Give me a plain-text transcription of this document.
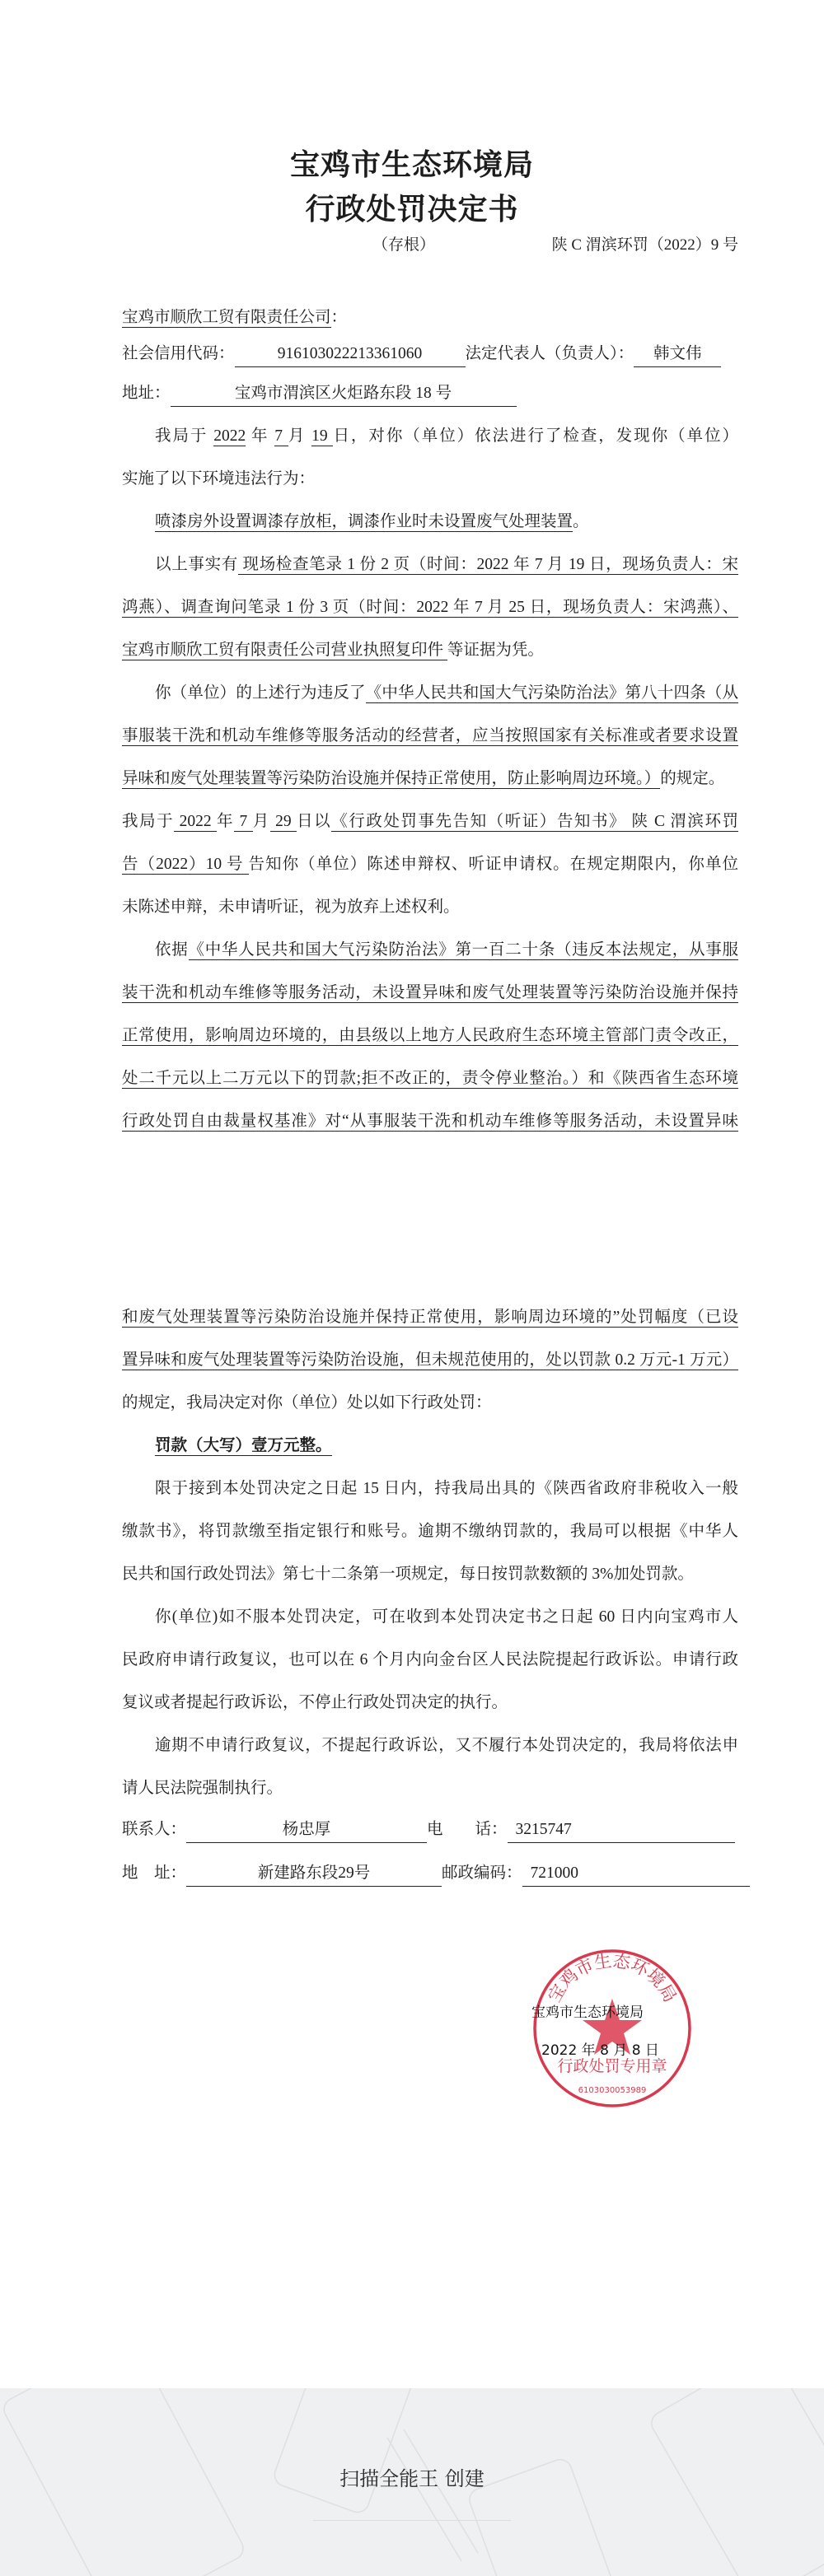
宝鸡市生态环境局
行政处罚决定书
（存根）	陕 C 渭滨环罚（2022）9 号
宝鸡市顺欣工贸有限责任公司：
社会信用代码：	916103022213361060	法定代表人（负责人）： 韩文伟
地址：	宝鸡市渭滨区火炬路东段 18 号
我局于 2022 年 7 月 19 日，对你（单位）依法进行了检查，发现你（单位）
实施了以下环境违法行为：
喷漆房外设置调漆存放柜，调漆作业时未设置废气处理装置。
以上事实有 现场检查笔录 1 份 2 页（时间：2022 年 7 月 19 日，现场负责人：宋
鸿燕）、调查询问笔录 1 份 3 页（时间：2022 年 7 月 25 日，现场负责人：宋鸿燕）、
宝鸡市顺欣工贸有限责任公司营业执照复印件 等证据为凭。
你（单位）的上述行为违反了《中华人民共和国大气污染防治法》第八十四条（从
事服装干洗和机动车维修等服务活动的经营者，应当按照国家有关标准或者要求设置
异味和废气处理装置等污染防治设施并保持正常使用，防止影响周边环境。）的规定。
我局于 2022 年 7 月 29 日以《行政处罚事先告知（听证）告知书》 陕 C 渭滨环罚
告（2022）10 号 告知你（单位）陈述申辩权、听证申请权。在规定期限内，你单位
未陈述申辩，未申请听证，视为放弃上述权利。
依据《中华人民共和国大气污染防治法》第一百二十条（违反本法规定，从事服
装干洗和机动车维修等服务活动，未设置异味和废气处理装置等污染防治设施并保持
正常使用，影响周边环境的，由县级以上地方人民政府生态环境主管部门责令改正，
处二千元以上二万元以下的罚款;拒不改正的，责令停业整治。）和《陕西省生态环境
行政处罚自由裁量权基准》对“从事服装干洗和机动车维修等服务活动，未设置异味
和废气处理装置等污染防治设施并保持正常使用，影响周边环境的”处罚幅度（已设
置异味和废气处理装置等污染防治设施，但未规范使用的，处以罚款 0.2 万元-1 万元）
的规定，我局决定对你（单位）处以如下行政处罚：
罚款（大写）壹万元整。
限于接到本处罚决定之日起 15 日内，持我局出具的《陕西省政府非税收入一般
缴款书》，将罚款缴至指定银行和账号。逾期不缴纳罚款的，我局可以根据《中华人
民共和国行政处罚法》第七十二条第一项规定，每日按罚款数额的 3%加处罚款。
你(单位)如不服本处罚决定，可在收到本处罚决定书之日起 60 日内向宝鸡市人
民政府申请行政复议，也可以在 6 个月内向金台区人民法院提起行政诉讼。申请行政
复议或者提起行政诉讼，不停止行政处罚决定的执行。
逾期不申请行政复议，不提起行政诉讼，又不履行本处罚决定的，我局将依法申
请人民法院强制执行。
联系人：	杨忠厚	电　　话： 3215747
地　址：	新建路东段29号	邮政编码： 721000
宝鸡市生态环境局
行政处罚专用章
6103030053989
宝鸡市生态环境局
2022 年 8 月 8 日
扫描全能王 创建
